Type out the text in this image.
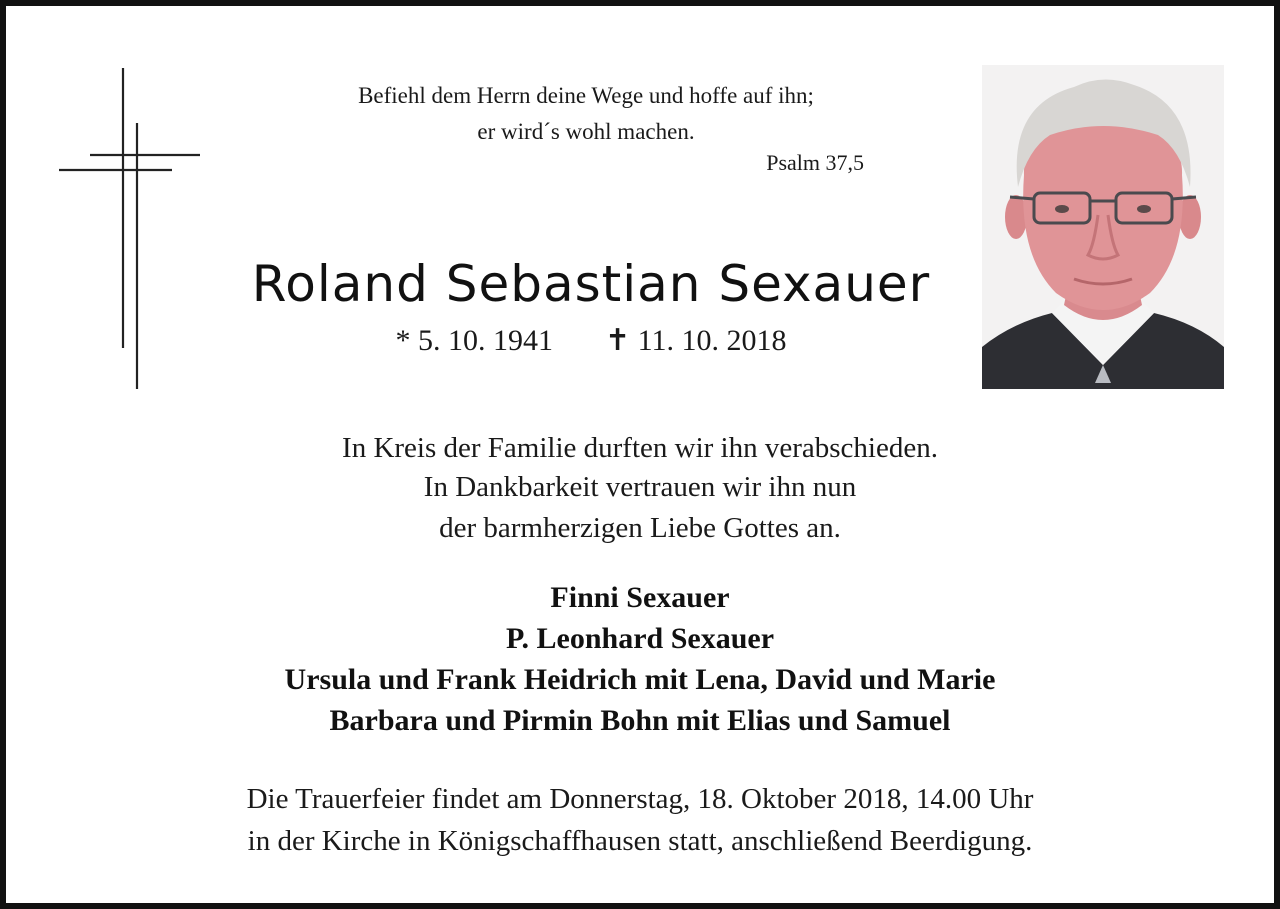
Befiehl dem Herrn deine Wege und hoffe auf ihn;
er wird´s wohl machen.
Psalm 37,5
Roland Sebastian Sexauer
* 5. 10. 1941 ✝ 11. 10. 2018
In Kreis der Familie durften wir ihn verabschieden.
In Dankbarkeit vertrauen wir ihn nun
der barmherzigen Liebe Gottes an.
Finni Sexauer
P. Leonhard Sexauer
Ursula und Frank Heidrich mit Lena, David und Marie
Barbara und Pirmin Bohn mit Elias und Samuel
Die Trauerfeier findet am Donnerstag, 18. Oktober 2018, 14.00 Uhr
in der Kirche in Königschaffhausen statt, anschließend Beerdigung.
